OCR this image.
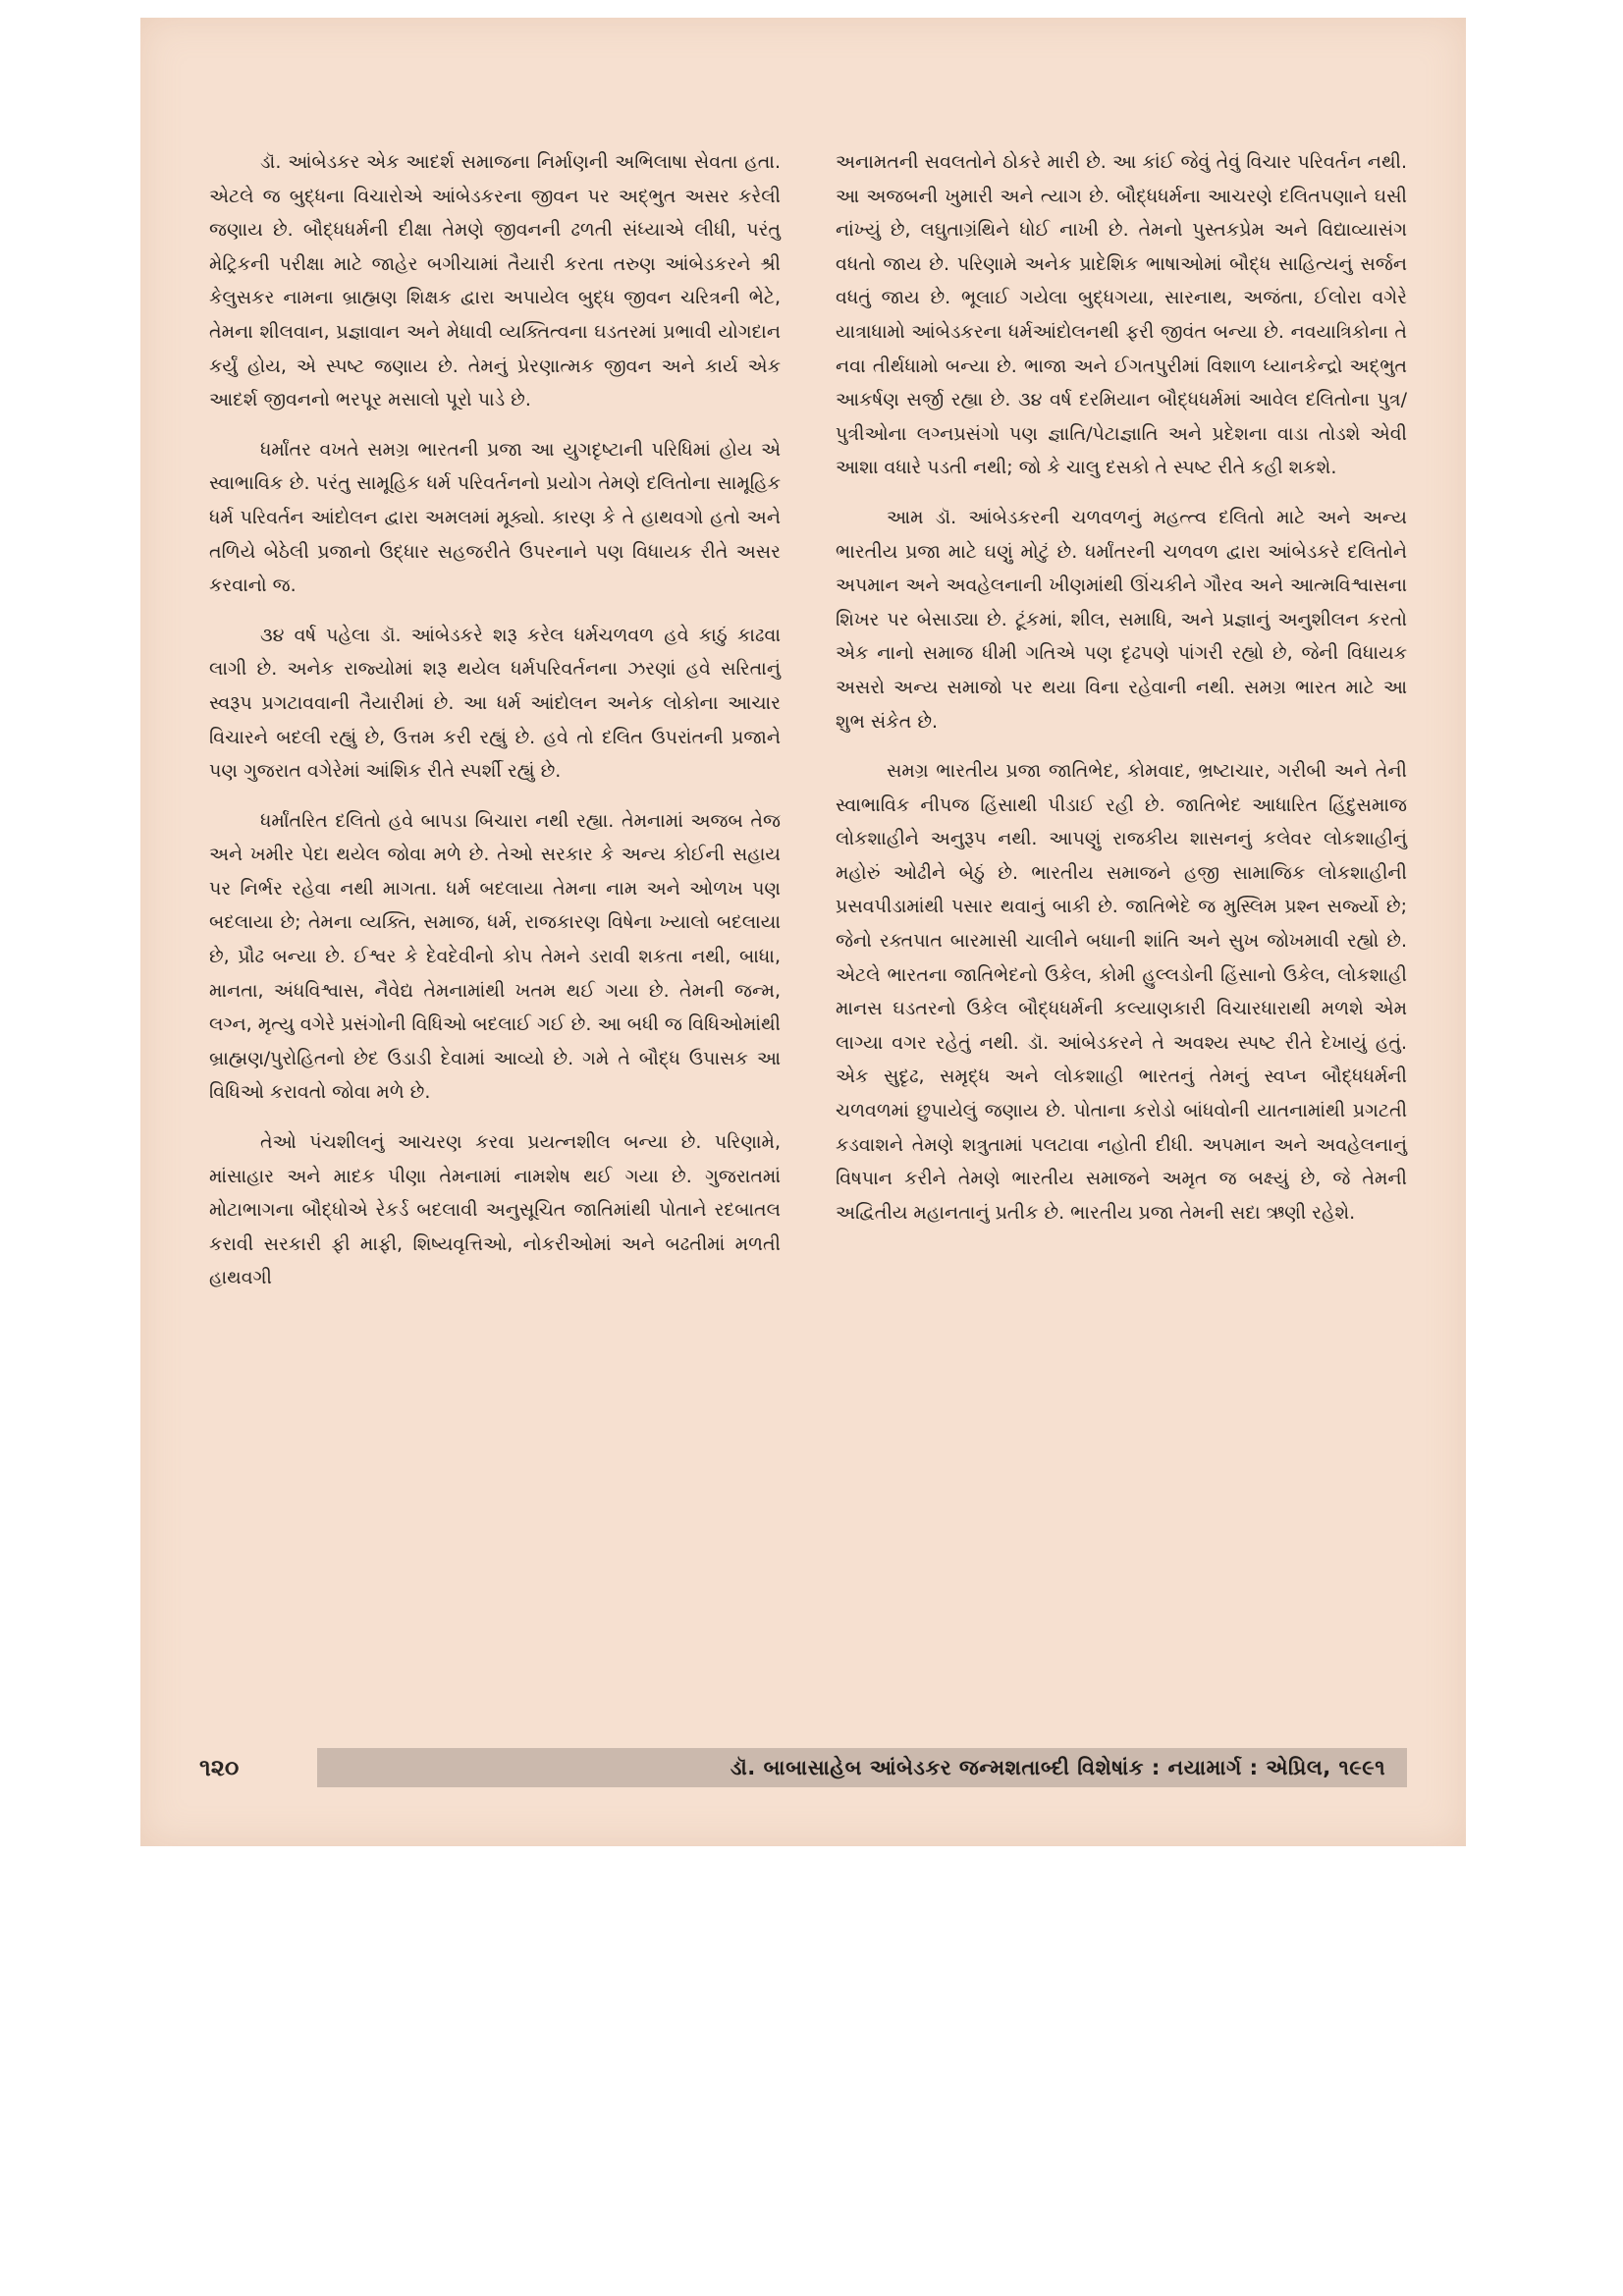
ડૉ. આંબેડકર એક આદર્શ સમાજના નિર્માણની અભિલાષા સેવતા હતા. એટલે જ બુદ્ધના વિચારોએ આંબેડકરના જીવન પર અદ્ભુત અસર કરેલી જણાય છે. બૌદ્ધધર્મની દીક્ષા તેમણે જીવનની ઢળતી સંધ્યાએ લીધી, પરંતુ મેટ્રિકની પરીક્ષા માટે જાહેર બગીચામાં તૈયારી કરતા તરુણ આંબેડકરને શ્રી કેલુસકર નામના બ્રાહ્મણ શિક્ષક દ્વારા અપાયેલ બુદ્ધ જીવન ચરિત્રની ભેટે, તેમના શીલવાન, પ્રજ્ઞાવાન અને મેધાવી વ્યક્તિત્વના ઘડતરમાં પ્રભાવી યોગદાન કર્યું હોય, એ સ્પષ્ટ જણાય છે. તેમનું પ્રેરણાત્મક જીવન અને કાર્ય એક આદર્શ જીવનનો ભરપૂર મસાલો પૂરો પાડે છે.

ધર્માંતર વખતે સમગ્ર ભારતની પ્રજા આ યુગદૃષ્ટાની પરિધિમાં હોય એ સ્વાભાવિક છે. પરંતુ સામૂહિક ધર્મ પરિવર્તનનો પ્રયોગ તેમણે દલિતોના સામૂહિક ધર્મ પરિવર્તન આંદોલન દ્વારા અમલમાં મૂક્યો. કારણ કે તે હાથવગો હતો અને તળિયે બેઠેલી પ્રજાનો ઉદ્ધાર સહજરીતે ઉપરનાને પણ વિધાયક રીતે અસર કરવાનો જ.

૩૪ વર્ષ પહેલા ડૉ. આંબેડકરે શરૂ કરેલ ધર્મચળવળ હવે કાઠું કાઢવા લાગી છે. અનેક રાજ્યોમાં શરૂ થયેલ ધર્મપરિવર્તનના ઝરણાં હવે સરિતાનું સ્વરૂપ પ્રગટાવવાની તૈયારીમાં છે. આ ધર્મ આંદોલન અનેક લોકોના આચાર વિચારને બદલી રહ્યું છે, ઉત્તમ કરી રહ્યું છે. હવે તો દલિત ઉપરાંતની પ્રજાને પણ ગુજરાત વગેરેમાં આંશિક રીતે સ્પર્શી રહ્યું છે.

ધર્માંતરિત દલિતો હવે બાપડા બિચારા નથી રહ્યા. તેમનામાં અજબ તેજ અને ખમીર પેદા થયેલ જોવા મળે છે. તેઓ સરકાર કે અન્ય કોઈની સહાય પર નિર્ભર રહેવા નથી માગતા. ધર્મ બદલાયા તેમના નામ અને ઓળખ પણ બદલાયા છે; તેમના વ્યક્તિ, સમાજ, ધર્મ, રાજકારણ વિષેના ખ્યાલો બદલાયા છે, પ્રૌઢ બન્યા છે. ઈશ્વર કે દેવદેવીનો કોપ તેમને ડરાવી શકતા નથી, બાધા, માનતા, અંધવિશ્વાસ, નૈવેદ્ય તેમનામાંથી ખતમ થઈ ગયા છે. તેમની જન્મ, લગ્ન, મૃત્યુ વગેરે પ્રસંગોની વિધિઓ બદલાઈ ગઈ છે. આ બધી જ વિધિઓમાંથી બ્રાહ્મણ/પુરોહિતનો છેદ ઉડાડી દેવામાં આવ્યો છે. ગમે તે બૌદ્ધ ઉપાસક આ વિધિઓ કરાવતો જોવા મળે છે.

તેઓ પંચશીલનું આચરણ કરવા પ્રયત્નશીલ બન્યા છે. પરિણામે, માંસાહાર અને માદક પીણા તેમનામાં નામશેષ થઈ ગયા છે. ગુજરાતમાં મોટાભાગના બૌદ્ધોએ રેકર્ડ બદલાવી અનુસૂચિત જાતિમાંથી પોતાને રદબાતલ કરાવી સરકારી ફી માફી, શિષ્યવૃત્તિઓ, નોકરીઓમાં અને બઢતીમાં મળતી હાથવગી

અનામતની સવલતોને ઠોકરે મારી છે. આ કાંઈ જેવું તેવું વિચાર પરિવર્તન નથી. આ અજબની ખુમારી અને ત્યાગ છે. બૌદ્ધધર્મના આચરણે દલિતપણાને ઘસી નાંખ્યું છે, લઘુતાગ્રંથિને ધોઈ નાખી છે. તેમનો પુસ્તકપ્રેમ અને વિદ્યાવ્યાસંગ વધતો જાય છે. પરિણામે અનેક પ્રાદેશિક ભાષાઓમાં બૌદ્ધ સાહિત્યનું સર્જન વધતું જાય છે. ભૂલાઈ ગયેલા બુદ્ધગયા, સારનાથ, અજંતા, ઈલોરા વગેરે યાત્રાધામો આંબેડકરના ધર્મઆંદોલનથી ફરી જીવંત બન્યા છે. નવયાત્રિકોના તે નવા તીર્થધામો બન્યા છે. ભાજા અને ઈગતપુરીમાં વિશાળ ધ્યાનકેન્દ્રો અદ્ભુત આકર્ષણ સર્જી રહ્યા છે. ૩૪ વર્ષ દરમિયાન બૌદ્ધધર્મમાં આવેલ દલિતોના પુત્ર/પુત્રીઓના લગ્નપ્રસંગો પણ જ્ઞાતિ/પેટાજ્ઞાતિ અને પ્રદેશના વાડા તોડશે એવી આશા વધારે પડતી નથી; જો કે ચાલુ દસકો તે સ્પષ્ટ રીતે કહી શકશે.

આમ ડૉ. આંબેડકરની ચળવળનું મહત્ત્વ દલિતો માટે અને અન્ય ભારતીય પ્રજા માટે ઘણું મોટું છે. ધર્માંતરની ચળવળ દ્વારા આંબેડકરે દલિતોને અપમાન અને અવહેલનાની ખીણમાંથી ઊંચકીને ગૌરવ અને આત્મવિશ્વાસના શિખર પર બેસાડ્યા છે. ટૂંકમાં, શીલ, સમાધિ, અને પ્રજ્ઞાનું અનુશીલન કરતો એક નાનો સમાજ ધીમી ગતિએ પણ દૃઢપણે પાંગરી રહ્યો છે, જેની વિધાયક અસરો અન્ય સમાજો પર થયા વિના રહેવાની નથી. સમગ્ર ભારત માટે આ શુભ સંકેત છે.

સમગ્ર ભારતીય પ્રજા જાતિભેદ, કોમવાદ, ભ્રષ્ટાચાર, ગરીબી અને તેની સ્વાભાવિક નીપજ હિંસાથી પીડાઈ રહી છે. જાતિભેદ આધારિત હિંદુસમાજ લોકશાહીને અનુરૂપ નથી. આપણું રાજકીય શાસનનું કલેવર લોકશાહીનું મહોરું ઓઢીને બેઠું છે. ભારતીય સમાજને હજી સામાજિક લોકશાહીની પ્રસવપીડામાંથી પસાર થવાનું બાકી છે. જાતિભેદે જ મુસ્લિમ પ્રશ્ન સર્જ્યો છે; જેનો રક્તપાત બારમાસી ચાલીને બધાની શાંતિ અને સુખ જોખમાવી રહ્યો છે. એટલે ભારતના જાતિભેદનો ઉકેલ, કોમી હુલ્લડોની હિંસાનો ઉકેલ, લોકશાહી માનસ ઘડતરનો ઉકેલ બૌદ્ધધર્મની કલ્યાણકારી વિચારધારાથી મળશે એમ લાગ્યા વગર રહેતું નથી. ડૉ. આંબેડકરને તે અવશ્ય સ્પષ્ટ રીતે દેખાયું હતું. એક સુદૃઢ, સમૃદ્ધ અને લોકશાહી ભારતનું તેમનું સ્વપ્ન બૌદ્ધધર્મની ચળવળમાં છુપાયેલું જણાય છે. પોતાના કરોડો બાંધવોની યાતનામાંથી પ્રગટતી કડવાશને તેમણે શત્રુતામાં પલટાવા નહોતી દીધી. અપમાન અને અવહેલનાનું વિષપાન કરીને તેમણે ભારતીય સમાજને અમૃત જ બક્ષ્યું છે, જે તેમની અદ્વિતીય મહાનતાનું પ્રતીક છે. ભારતીય પ્રજા તેમની સદા ઋણી રહેશે.

૧૨૦	ડૉ. બાબાસાહેબ આંબેડકર જન્મશતાબ્દી વિશેષાંક : નયામાર્ગ : એપ્રિલ, ૧૯૯૧
